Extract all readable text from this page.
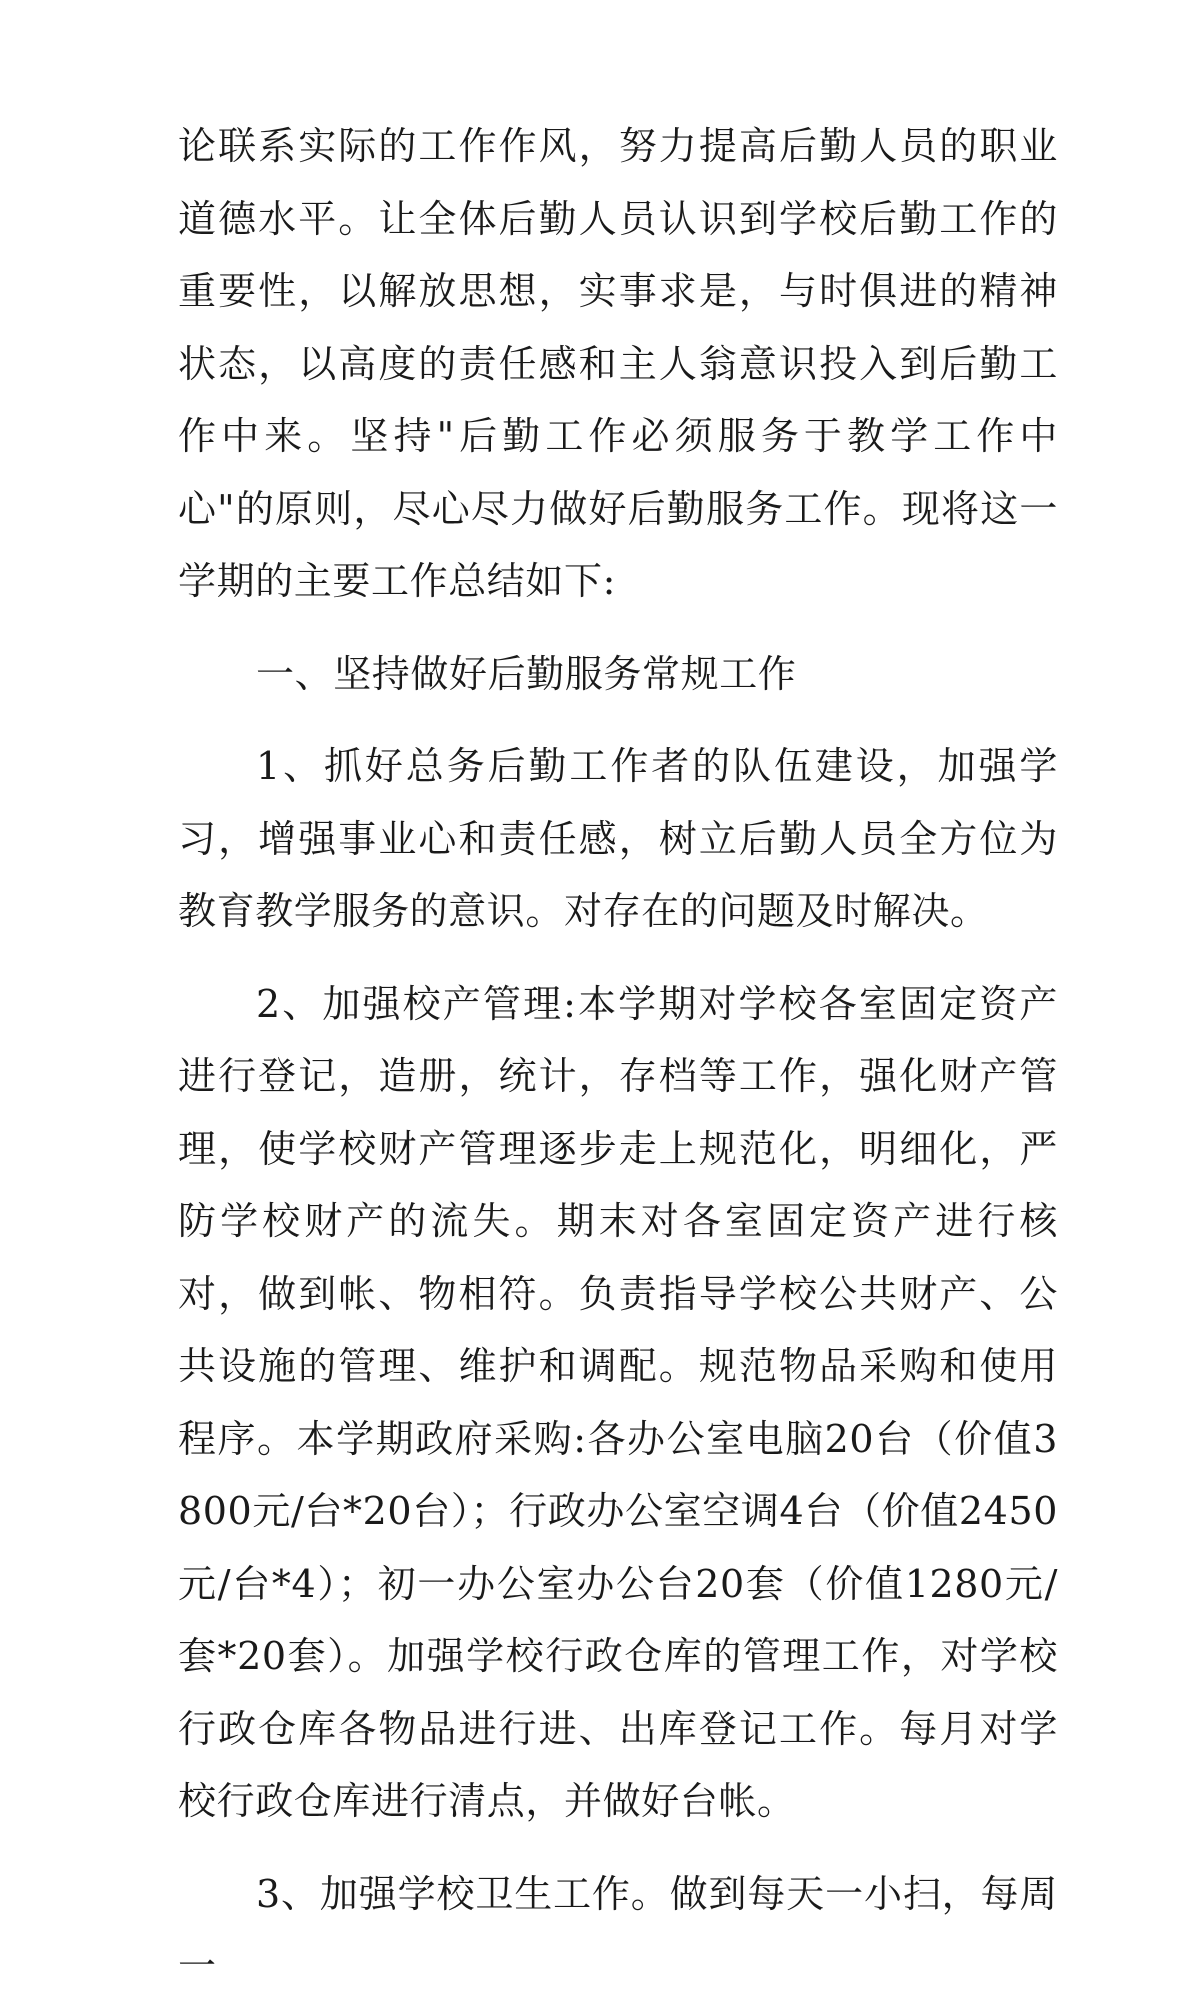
论联系实际的工作作风，努力提高后勤人员的职业道德水平。让全体后勤人员认识到学校后勤工作的重要性，以解放思想，实事求是，与时俱进的精神状态，以高度的责任感和主人翁意识投入到后勤工作中来。坚持"后勤工作必须服务于教学工作中心"的原则，尽心尽力做好后勤服务工作。现将这一学期的主要工作总结如下:

一、坚持做好后勤服务常规工作

1、抓好总务后勤工作者的队伍建设，加强学习，增强事业心和责任感，树立后勤人员全方位为教育教学服务的意识。对存在的问题及时解决。

2、加强校产管理:本学期对学校各室固定资产进行登记，造册，统计，存档等工作，强化财产管理，使学校财产管理逐步走上规范化，明细化，严防学校财产的流失。期末对各室固定资产进行核对，做到帐、物相符。负责指导学校公共财产、公共设施的管理、维护和调配。规范物品采购和使用程序。本学期政府采购:各办公室电脑20台（价值3800元/台*20台）；行政办公室空调4台（价值2450元/台*4）；初一办公室办公台20套（价值1280元/套*20套）。加强学校行政仓库的管理工作，对学校行政仓库各物品进行进、出库登记工作。每月对学校行政仓库进行清点，并做好台帐。

3、加强学校卫生工作。做到每天一小扫，每周一
